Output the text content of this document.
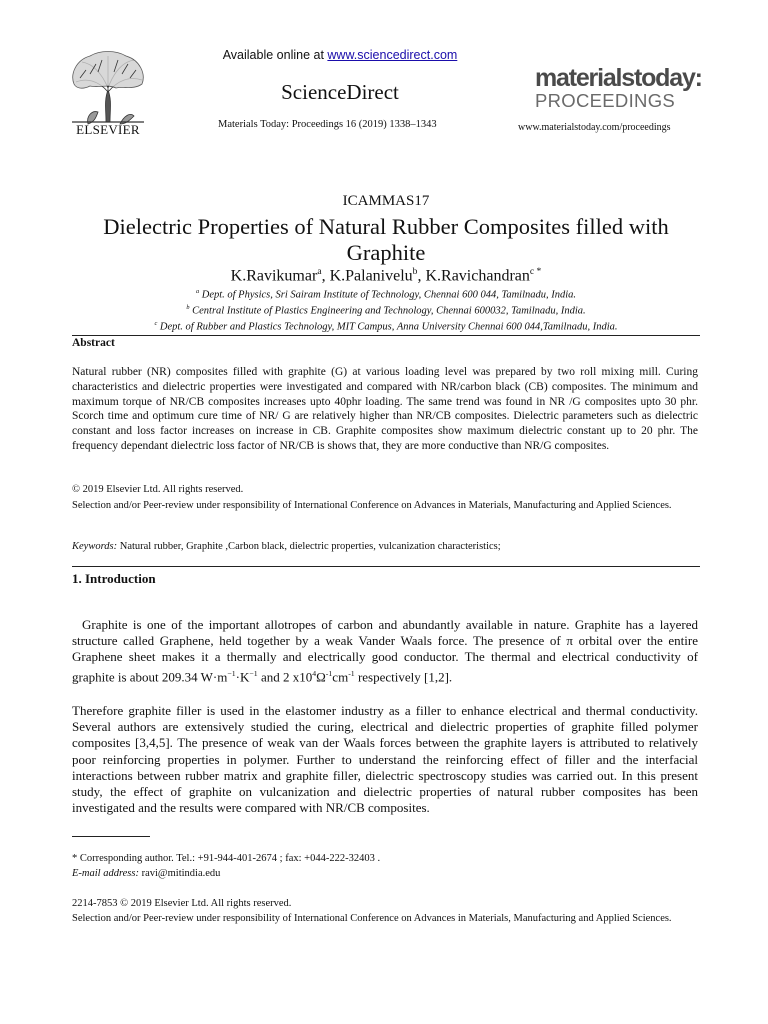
ELSEVIER
Available online at www.sciencedirect.com
ScienceDirect
Materials Today: Proceedings 16 (2019) 1338–1343
materialstoday:
PROCEEDINGS
www.materialstoday.com/proceedings
ICAMMAS17
Dielectric Properties of Natural Rubber Composites filled with
Graphite
K.Ravikumar$^a$, K.Palanivelu$^b$, K.Ravichandran$^{c *}$
$^a$ Dept. of Physics, Sri Sairam Institute of Technology, Chennai 600 044, Tamilnadu, India.
$^b$ Central Institute of Plastics Engineering and Technology, Chennai 600032, Tamilnadu, India.
$^c$ Dept. of Rubber and Plastics Technology, MIT Campus, Anna University Chennai 600 044,Tamilnadu, India.
Abstract
Natural rubber (NR) composites filled with graphite (G) at various loading level was prepared by two roll mixing mill. Curing characteristics and dielectric properties were investigated and compared with NR/carbon black (CB) composites. The minimum and maximum torque of NR/CB composites increases upto 40phr loading. The same trend was found in NR /G composites upto 30 phr. Scorch time and optimum cure time of NR/ G are relatively higher than NR/CB composites. Dielectric parameters such as dielectric constant and loss factor increases on increase in CB. Graphite composites show maximum dielectric constant up to 20 phr. The frequency dependant dielectric loss factor of NR/CB is shows that, they are more conductive than NR/G composites.
© 2019 Elsevier Ltd. All rights reserved.
Selection and/or Peer-review under responsibility of International Conference on Advances in Materials, Manufacturing and Applied Sciences.
Keywords: Natural rubber, Graphite ,Carbon black, dielectric properties, vulcanization characteristics;
1. Introduction
Graphite is one of the important allotropes of carbon and abundantly available in nature. Graphite has a layered structure called Graphene, held together by a weak Vander Waals force. The presence of π orbital over the entire Graphene sheet makes it a thermally and electrically good conductor. The thermal and electrical conductivity of graphite is about 209.34 $W\cdot m^{-1}\cdot K^{-1}$ and 2 $x10^4\Omega^{-1}cm^{-1}$ respectively [1,2].
Therefore graphite filler is used in the elastomer industry as a filler to enhance electrical and thermal conductivity. Several authors are extensively studied the curing, electrical and dielectric properties of graphite filled polymer composites [3,4,5]. The presence of weak van der Waals forces between the graphite layers is attributed to relatively poor reinforcing properties in polymer. Further to understand the reinforcing effect of filler and the interfacial interactions between rubber matrix and graphite filler, dielectric spectroscopy studies was carried out. In this present study, the effect of graphite on vulcanization and dielectric properties of natural rubber composites has been investigated and the results were compared with NR/CB composites.
* Corresponding author. Tel.: +91-944-401-2674 ; fax: +044-222-32403 .
E-mail address: ravi@mitindia.edu
2214-7853 © 2019 Elsevier Ltd. All rights reserved.
Selection and/or Peer-review under responsibility of International Conference on Advances in Materials, Manufacturing and Applied Sciences.
